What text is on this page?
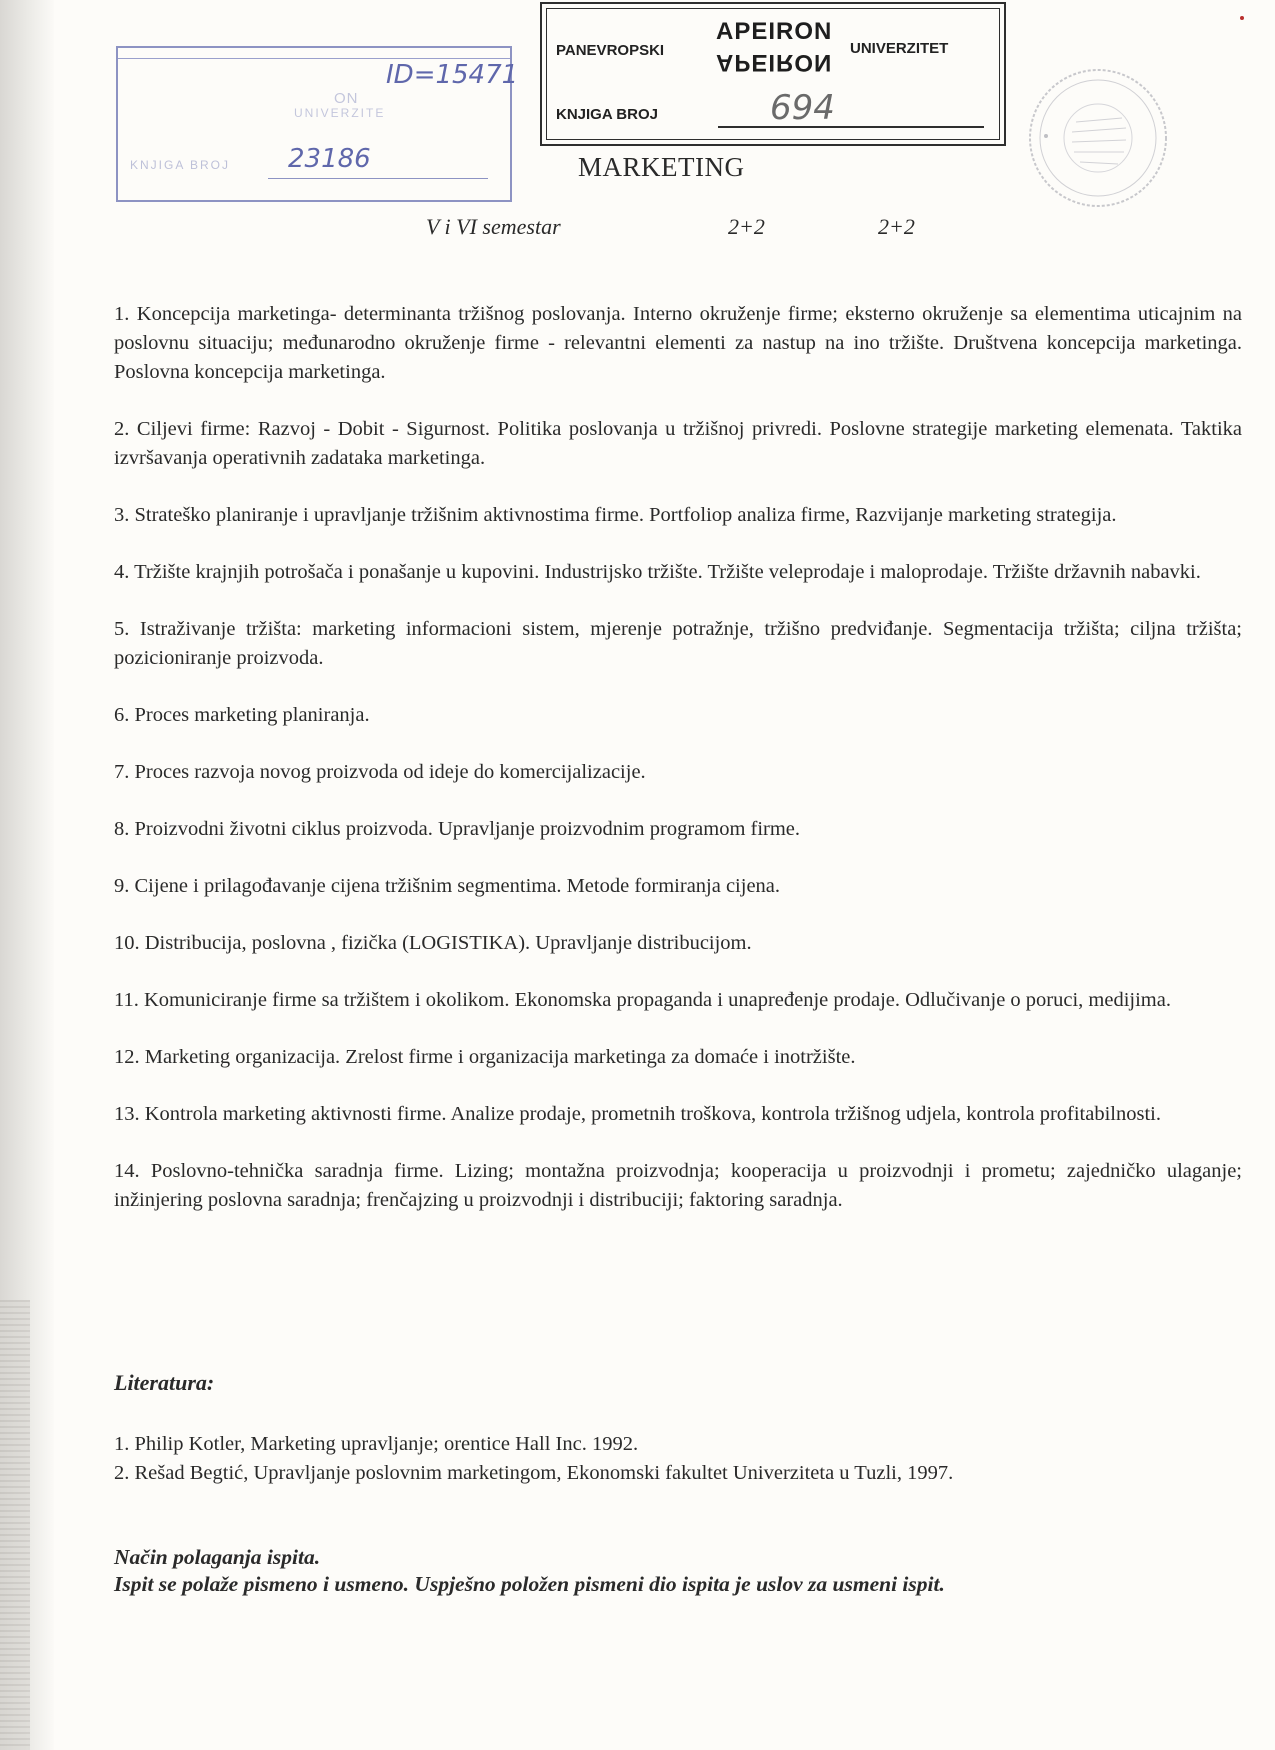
ON
ID=15471
UNIVERZITE
KNJIGA BROJ 23186
PANEVROPSKI
APEIRON
APEIRON
UNIVERZITET
KNJIGA BROJ	694
MARKETING
V i VI semestar	2+2	2+2
1. Koncepcija marketinga- determinanta tržišnog poslovanja. Interno okruženje firme; eksterno okruženje sa elementima uticajnim na poslovnu situaciju; međunarodno okruženje firme - relevantni elementi za nastup na ino tržište. Društvena koncepcija marketinga. Poslovna koncepcija marketinga.
2. Ciljevi firme: Razvoj - Dobit - Sigurnost. Politika poslovanja u tržišnoj privredi. Poslovne strategije marketing elemenata. Taktika izvršavanja operativnih zadataka marketinga.
3. Strateško planiranje i upravljanje tržišnim aktivnostima firme. Portfoliop analiza firme, Razvijanje marketing strategija.
4. Tržište krajnjih potrošača i ponašanje u kupovini. Industrijsko tržište. Tržište veleprodaje i maloprodaje. Tržište državnih nabavki.
5. Istraživanje tržišta: marketing informacioni sistem, mjerenje potražnje, tržišno predviđanje. Segmentacija tržišta; ciljna tržišta; pozicioniranje proizvoda.
6. Proces marketing planiranja.
7. Proces razvoja novog proizvoda od ideje do komercijalizacije.
8. Proizvodni životni ciklus proizvoda. Upravljanje proizvodnim programom firme.
9. Cijene i prilagođavanje cijena tržišnim segmentima. Metode formiranja cijena.
10. Distribucija, poslovna , fizička (LOGISTIKA). Upravljanje distribucijom.
11. Komuniciranje firme sa tržištem i okolikom. Ekonomska propaganda i unapređenje prodaje. Odlučivanje o poruci, medijima.
12. Marketing organizacija. Zrelost firme i organizacija marketinga za domaće i inotržište.
13. Kontrola marketing aktivnosti firme. Analize prodaje, prometnih troškova, kontrola tržišnog udjela, kontrola profitabilnosti.
14. Poslovno-tehnička saradnja firme. Lizing; montažna proizvodnja; kooperacija u proizvodnji i prometu; zajedničko ulaganje; inžinjering poslovna saradnja; frenčajzing u proizvodnji i distribuciji; faktoring saradnja.
Literatura:
1. Philip Kotler, Marketing upravljanje; orentice Hall Inc. 1992.
2. Rešad Begtić, Upravljanje poslovnim marketingom, Ekonomski fakultet Univerziteta u Tuzli, 1997.
Način polaganja ispita.
Ispit se polaže pismeno i usmeno. Uspješno položen pismeni dio ispita je uslov za usmeni ispit.
